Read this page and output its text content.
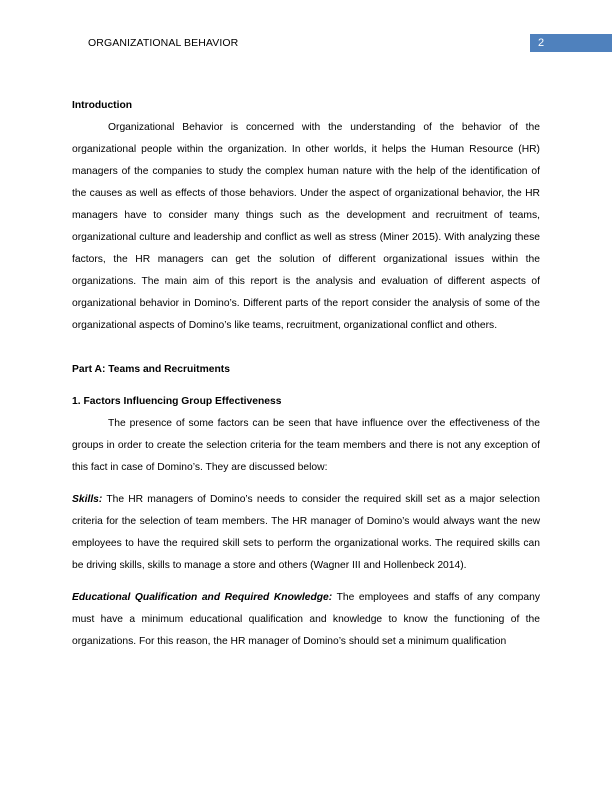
ORGANIZATIONAL BEHAVIOR	2

Introduction

Organizational Behavior is concerned with the understanding of the behavior of the organizational people within the organization. In other worlds, it helps the Human Resource (HR) managers of the companies to study the complex human nature with the help of the identification of the causes as well as effects of those behaviors. Under the aspect of organizational behavior, the HR managers have to consider many things such as the development and recruitment of teams, organizational culture and leadership and conflict as well as stress (Miner 2015). With analyzing these factors, the HR managers can get the solution of different organizational issues within the organizations. The main aim of this report is the analysis and evaluation of different aspects of organizational behavior in Domino’s. Different parts of the report consider the analysis of some of the organizational aspects of Domino’s like teams, recruitment, organizational conflict and others.

Part A: Teams and Recruitments

1. Factors Influencing Group Effectiveness

The presence of some factors can be seen that have influence over the effectiveness of the groups in order to create the selection criteria for the team members and there is not any exception of this fact in case of Domino’s. They are discussed below:

Skills: The HR managers of Domino’s needs to consider the required skill set as a major selection criteria for the selection of team members. The HR manager of Domino’s would always want the new employees to have the required skill sets to perform the organizational works. The required skills can be driving skills, skills to manage a store and others (Wagner III and Hollenbeck 2014).

Educational Qualification and Required Knowledge: The employees and staffs of any company must have a minimum educational qualification and knowledge to know the functioning of the organizations. For this reason, the HR manager of Domino’s should set a minimum qualification
